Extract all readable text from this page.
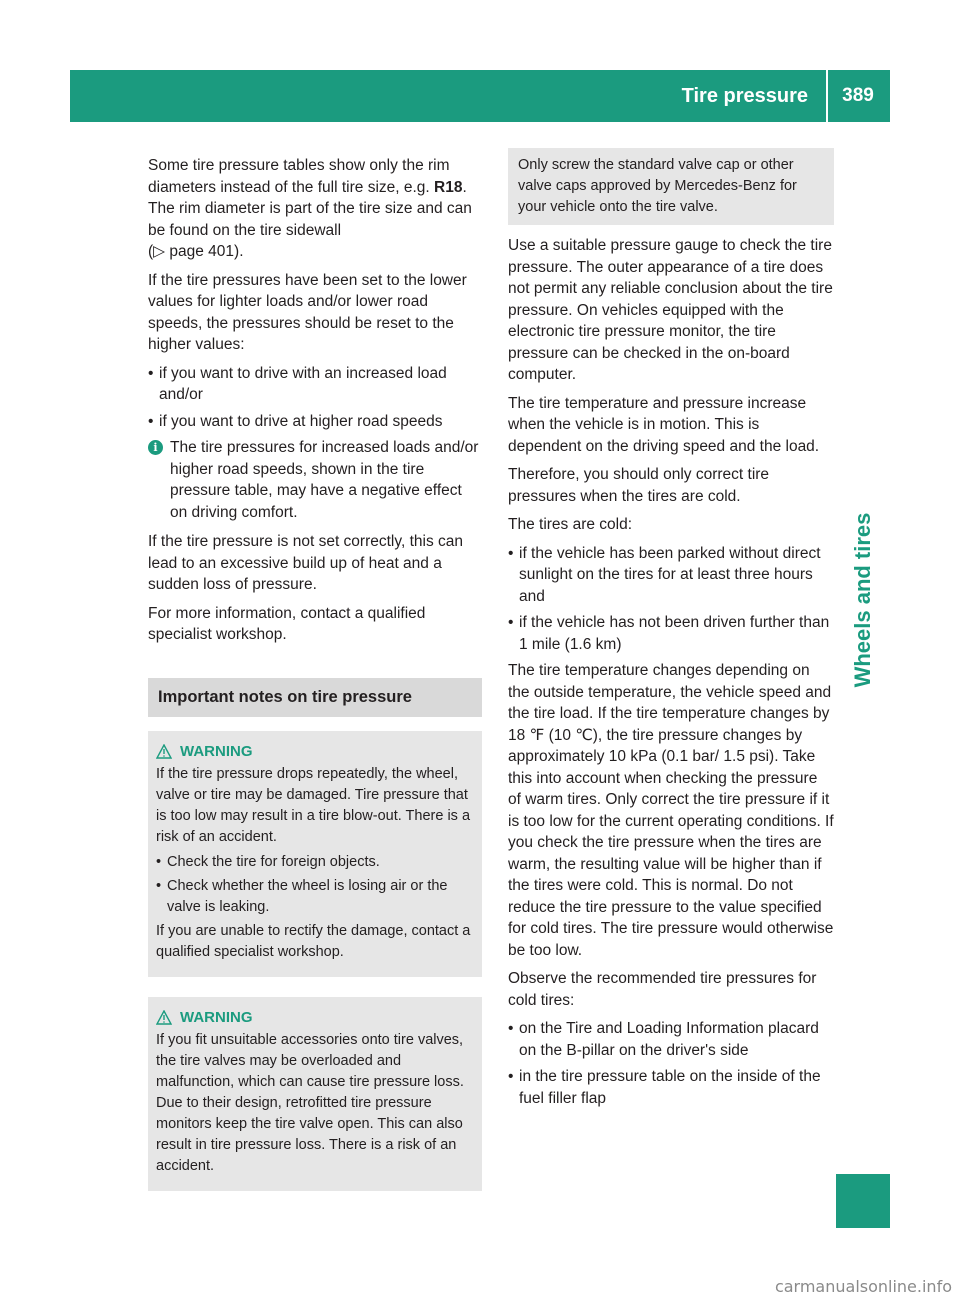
Tire pressure	389
Wheels and tires

Some tire pressure tables show only the rim diameters instead of the full tire size, e.g. R18. The rim diameter is part of the tire size and can be found on the tire sidewall
(▷ page 401).

If the tire pressures have been set to the lower values for lighter loads and/or lower road speeds, the pressures should be reset to the higher values:

• if you want to drive with an increased load and/or
• if you want to drive at higher road speeds
i The tire pressures for increased loads and/or higher road speeds, shown in the tire pressure table, may have a negative effect on driving comfort.

If the tire pressure is not set correctly, this can lead to an excessive build up of heat and a sudden loss of pressure.

For more information, contact a qualified specialist workshop.

Important notes on tire pressure
WARNING

If the tire pressure drops repeatedly, the wheel, valve or tire may be damaged. Tire pressure that is too low may result in a tire blow-out. There is a risk of an accident.

• Check the tire for foreign objects.
• Check whether the wheel is losing air or the valve is leaking.

If you are unable to rectify the damage, contact a qualified specialist workshop.

WARNING

If you fit unsuitable accessories onto tire valves, the tire valves may be overloaded and malfunction, which can cause tire pressure loss. Due to their design, retrofitted tire pressure monitors keep the tire valve open. This can also result in tire pressure loss. There is a risk of an accident.

Only screw the standard valve cap or other valve caps approved by Mercedes-Benz for your vehicle onto the tire valve.

Use a suitable pressure gauge to check the tire pressure. The outer appearance of a tire does not permit any reliable conclusion about the tire pressure. On vehicles equipped with the electronic tire pressure monitor, the tire pressure can be checked in the on-board computer.

The tire temperature and pressure increase when the vehicle is in motion. This is dependent on the driving speed and the load.

Therefore, you should only correct tire pressures when the tires are cold.

The tires are cold:

• if the vehicle has been parked without direct sunlight on the tires for at least three hours and
• if the vehicle has not been driven further than 1 mile (1.6 km)

The tire temperature changes depending on the outside temperature, the vehicle speed and the tire load. If the tire temperature changes by 18 ℉ (10 ℃), the tire pressure changes by approximately 10 kPa (0.1 bar/ 1.5 psi). Take this into account when checking the pressure of warm tires. Only correct the tire pressure if it is too low for the current operating conditions. If you check the tire pressure when the tires are warm, the resulting value will be higher than if the tires were cold. This is normal. Do not reduce the tire pressure to the value specified for cold tires. The tire pressure would otherwise be too low.

Observe the recommended tire pressures for cold tires:

• on the Tire and Loading Information placard on the B-pillar on the driver's side
• in the tire pressure table on the inside of the fuel filler flap
carmanualsonline.info
